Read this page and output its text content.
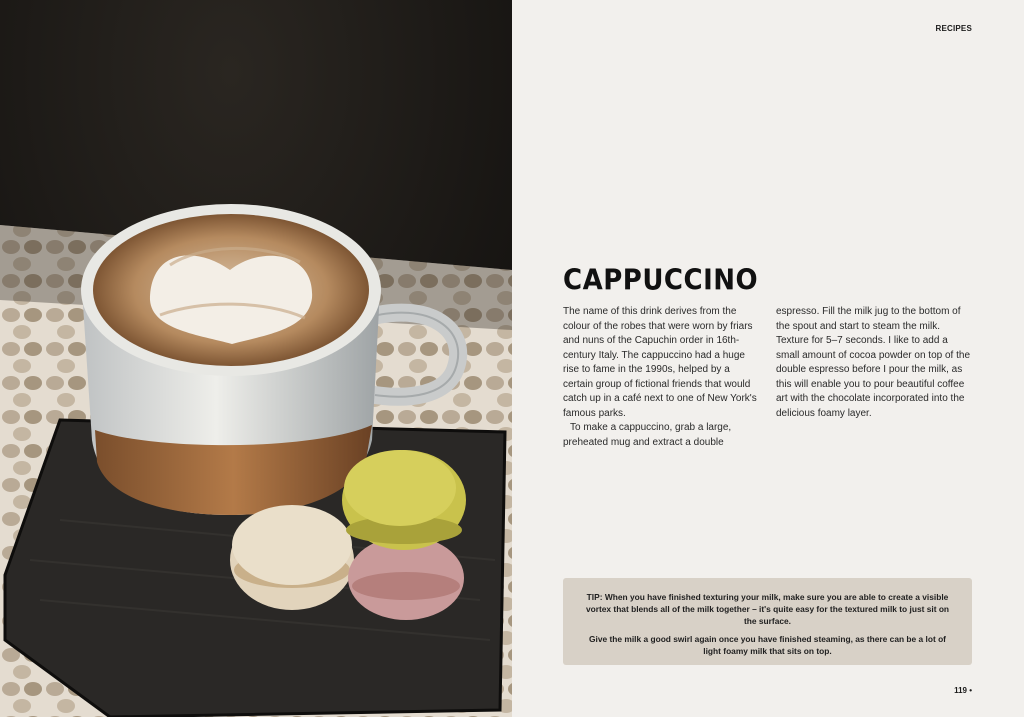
RECIPES
CAPPUCCINO

The name of this drink derives from the colour of the robes that were worn by friars and nuns of the Capuchin order in 16th-century Italy. The cappuccino had a huge rise to fame in the 1990s, helped by a certain group of fictional friends that would catch up in a café next to one of New York's famous parks.

To make a cappuccino, grab a large, preheated mug and extract a double

espresso. Fill the milk jug to the bottom of the spout and start to steam the milk. Texture for 5–7 seconds. I like to add a small amount of cocoa powder on top of the double espresso before I pour the milk, as this will enable you to pour beautiful coffee art with the chocolate incorporated into the delicious foamy layer.

TIP: When you have finished texturing your milk, make sure you are able to create a visible vortex that blends all of the milk together – it's quite easy for the textured milk to just sit on the surface.

Give the milk a good swirl again once you have finished steaming, as there can be a lot of light foamy milk that sits on top.

119 •
